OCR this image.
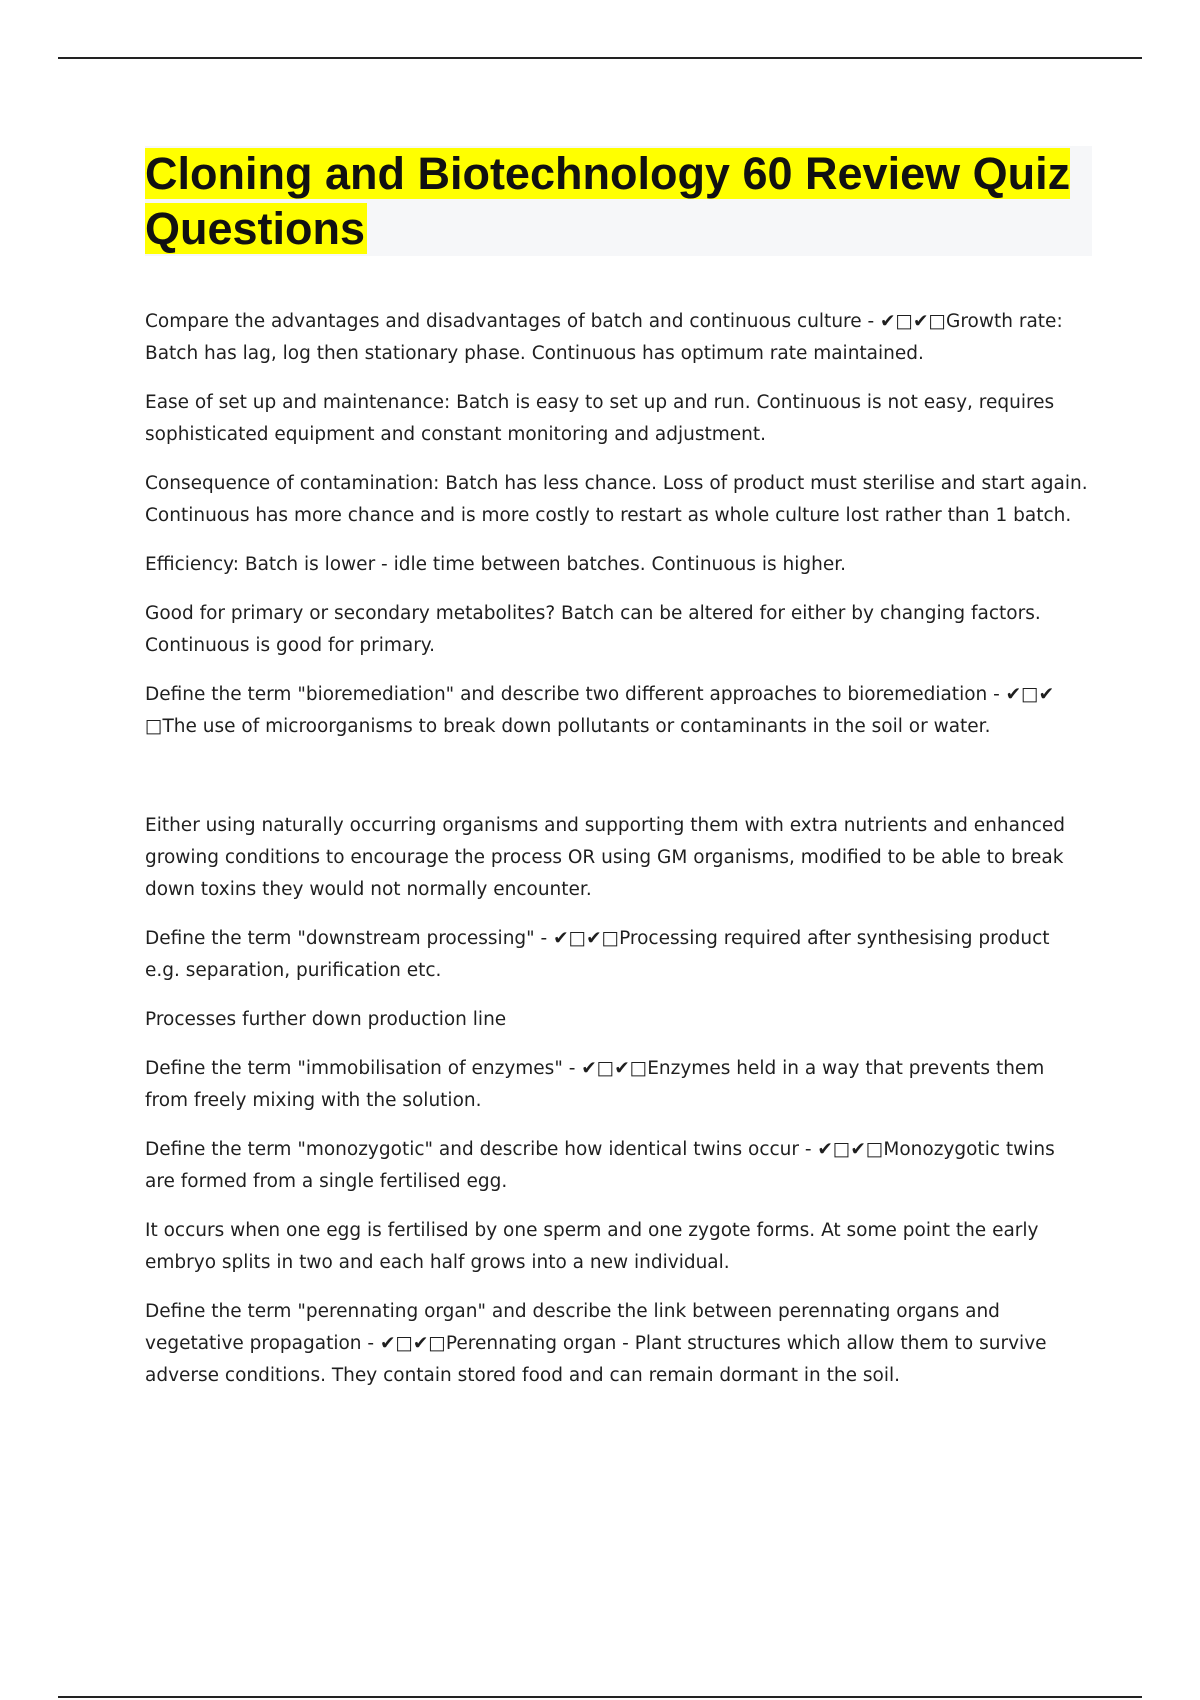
Cloning and Biotechnology 60 Review Quiz Questions

Compare the advantages and disadvantages of batch and continuous culture - ✔□✔□Growth rate: Batch has lag, log then stationary phase. Continuous has optimum rate maintained.

Ease of set up and maintenance: Batch is easy to set up and run. Continuous is not easy, requires sophisticated equipment and constant monitoring and adjustment.

Consequence of contamination: Batch has less chance. Loss of product must sterilise and start again. Continuous has more chance and is more costly to restart as whole culture lost rather than 1 batch.

Efficiency: Batch is lower - idle time between batches. Continuous is higher.

Good for primary or secondary metabolites? Batch can be altered for either by changing factors. Continuous is good for primary.

Define the term "bioremediation" and describe two different approaches to bioremediation - ✔□✔ □The use of microorganisms to break down pollutants or contaminants in the soil or water.

Either using naturally occurring organisms and supporting them with extra nutrients and enhanced growing conditions to encourage the process OR using GM organisms, modified to be able to break down toxins they would not normally encounter.

Define the term "downstream processing" - ✔□✔□Processing required after synthesising product e.g. separation, purification etc.

Processes further down production line

Define the term "immobilisation of enzymes" - ✔□✔□Enzymes held in a way that prevents them from freely mixing with the solution.

Define the term "monozygotic" and describe how identical twins occur - ✔□✔□Monozygotic twins are formed from a single fertilised egg.

It occurs when one egg is fertilised by one sperm and one zygote forms. At some point the early embryo splits in two and each half grows into a new individual.

Define the term "perennating organ" and describe the link between perennating organs and vegetative propagation - ✔□✔□Perennating organ - Plant structures which allow them to survive adverse conditions. They contain stored food and can remain dormant in the soil.
